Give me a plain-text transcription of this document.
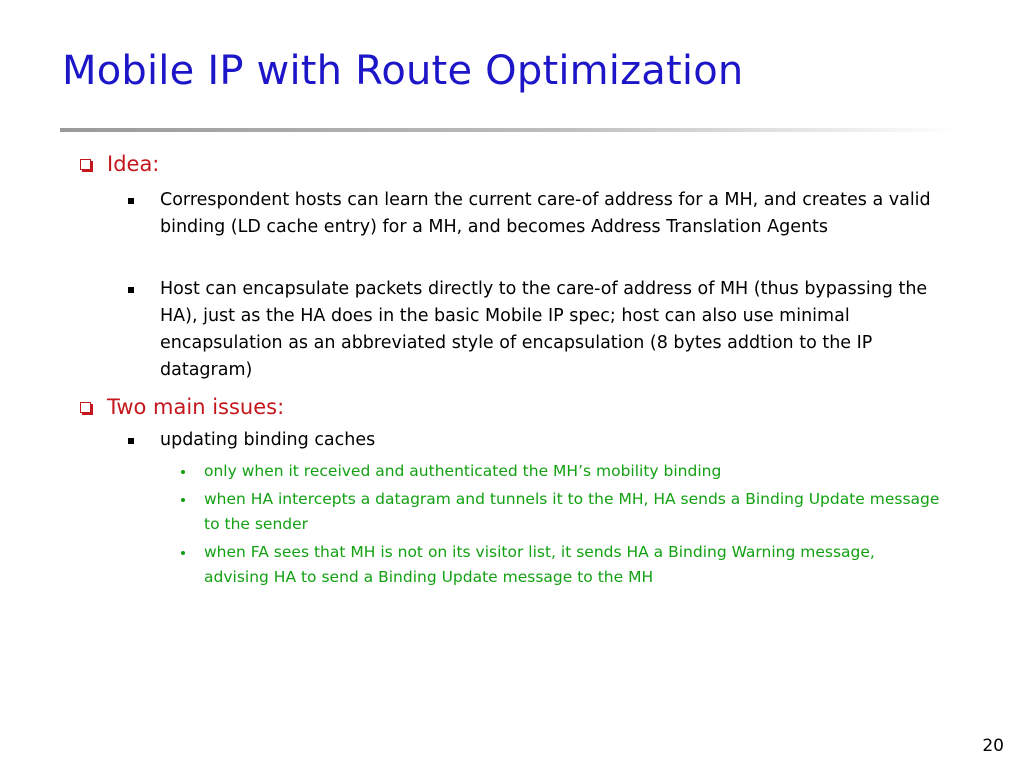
Mobile IP with Route Optimization
Idea:
Correspondent hosts can learn the current care-of address for a MH, and creates a valid binding (LD cache entry) for a MH, and becomes Address Translation Agents
Host can encapsulate packets directly to the care-of address of MH (thus bypassing the HA), just as the HA does in the basic Mobile IP spec; host can also use minimal encapsulation as an abbreviated style of encapsulation (8 bytes addtion to the IP datagram)
Two main issues:
updating binding caches
only when it received and authenticated the MH’s mobility binding
when HA intercepts a datagram and tunnels it to the MH, HA sends a Binding Update message to the sender
when FA sees that MH is not on its visitor list, it sends HA a Binding Warning message, advising HA to send a Binding Update message to the MH
20
